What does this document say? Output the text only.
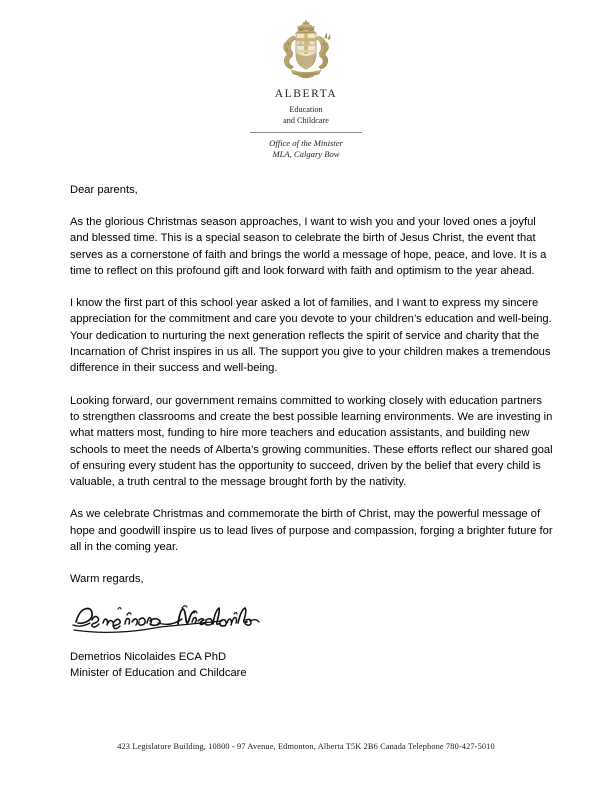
ALBERTA
Education
and Childcare
Office of the Minister
MLA, Calgary Bow

Dear parents,

As the glorious Christmas season approaches, I want to wish you and your loved ones a joyful and blessed time. This is a special season to celebrate the birth of Jesus Christ, the event that serves as a cornerstone of faith and brings the world a message of hope, peace, and love. It is a time to reflect on this profound gift and look forward with faith and optimism to the year ahead.

I know the first part of this school year asked a lot of families, and I want to express my sincere appreciation for the commitment and care you devote to your children’s education and well-being. Your dedication to nurturing the next generation reflects the spirit of service and charity that the Incarnation of Christ inspires in us all. The support you give to your children makes a tremendous difference in their success and well-being.

Looking forward, our government remains committed to working closely with education partners to strengthen classrooms and create the best possible learning environments. We are investing in what matters most, funding to hire more teachers and education assistants, and building new schools to meet the needs of Alberta’s growing communities. These efforts reflect our shared goal of ensuring every student has the opportunity to succeed, driven by the belief that every child is valuable, a truth central to the message brought forth by the nativity.

As we celebrate Christmas and commemorate the birth of Christ, may the powerful message of hope and goodwill inspire us to lead lives of purpose and compassion, forging a brighter future for all in the coming year.

Warm regards,

Demetrios Nicolaides ECA PhD
Minister of Education and Childcare
423 Legislature Building, 10800 - 97 Avenue, Edmonton, Alberta T5K 2B6 Canada Telephone 780-427-5010
